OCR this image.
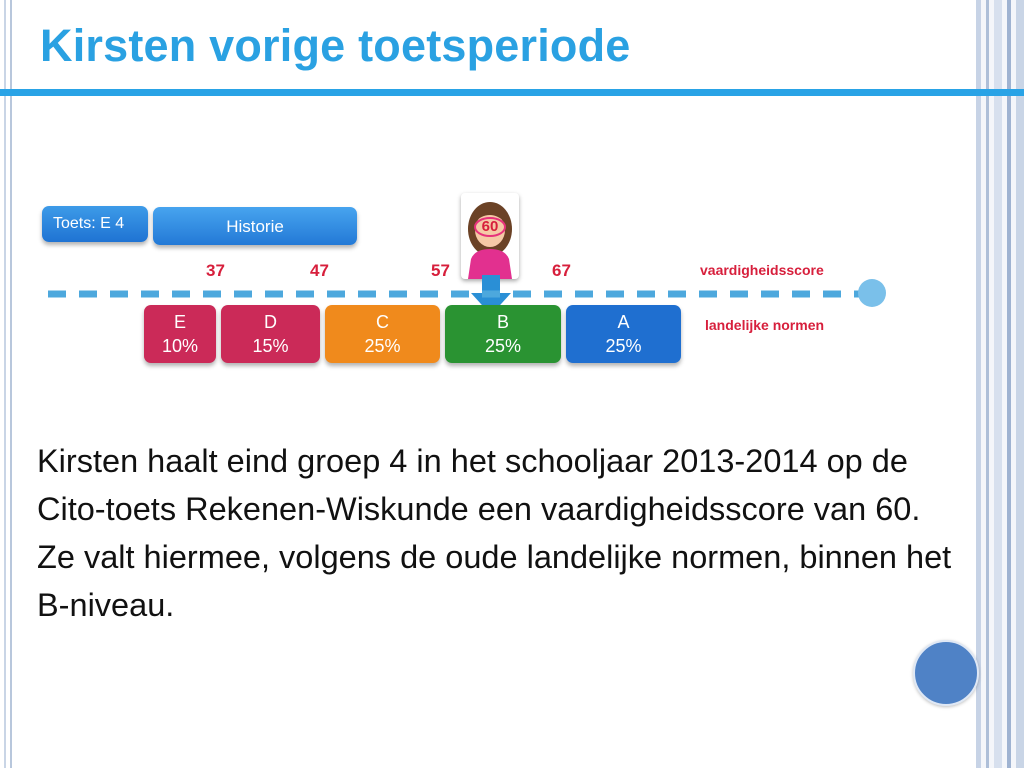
Kirsten vorige toetsperiode
Toets: E 4	Historie	60
37	47	57	67	vaardigheidsscore
E
10%
D
15%
C
25%
B
25%
A
25%
landelijke normen

Kirsten haalt eind groep 4 in het schooljaar 2013-2014 op de Cito-toets Rekenen-Wiskunde een vaardigheidsscore van 60. Ze valt hiermee, volgens de oude landelijke normen, binnen het B-niveau.
